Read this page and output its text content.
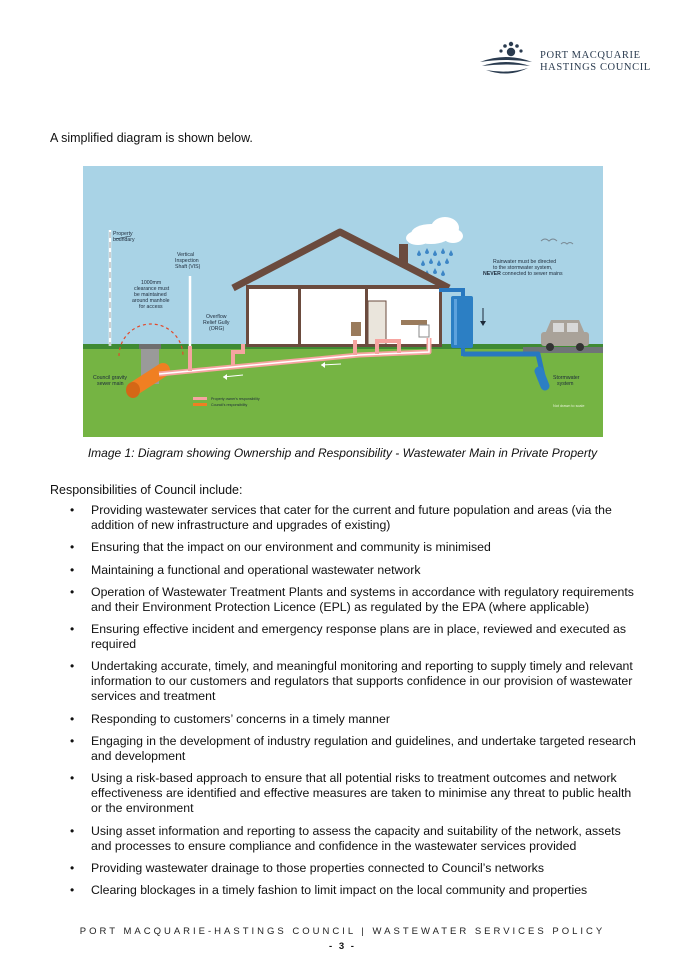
PORT MACQUARIE
HASTINGS COUNCIL
A simplified diagram is shown below.
Property
boundary
Vertical
Inspection
Shaft (VIS)
1000mm
clearance must
be maintained
around manhole
for access
Overflow
Relief Gully
(ORG)
Rainwater must be directed
to the stormwater system,
NEVER connected to sewer mains
Council gravity
sewer main
Stormwater
system
Property owner's responsibility
Council's responsibility	Not drawn to scale
Image 1: Diagram showing Ownership and Responsibility - Wastewater Main in Private Property
Responsibilities of Council include:
• Providing wastewater services that cater for the current and future population and areas (via the addition of new infrastructure and upgrades of existing)
• Ensuring that the impact on our environment and community is minimised
• Maintaining a functional and operational wastewater network
• Operation of Wastewater Treatment Plants and systems in accordance with regulatory requirements and their Environment Protection Licence (EPL) as regulated by the EPA (where applicable)
• Ensuring effective incident and emergency response plans are in place, reviewed and executed as required
• Undertaking accurate, timely, and meaningful monitoring and reporting to supply timely and relevant information to our customers and regulators that supports confidence in our provision of wastewater services and treatment
• Responding to customers’ concerns in a timely manner
• Engaging in the development of industry regulation and guidelines, and undertake targeted research and development
• Using a risk-based approach to ensure that all potential risks to treatment outcomes and network effectiveness are identified and effective measures are taken to minimise any threat to public health or the environment
• Using asset information and reporting to assess the capacity and suitability of the network, assets and processes to ensure compliance and confidence in the wastewater services provided
• Providing wastewater drainage to those properties connected to Council’s networks
• Clearing blockages in a timely fashion to limit impact on the local community and properties
PORT MACQUARIE-HASTINGS COUNCIL | WASTEWATER SERVICES POLICY
- 3 -
